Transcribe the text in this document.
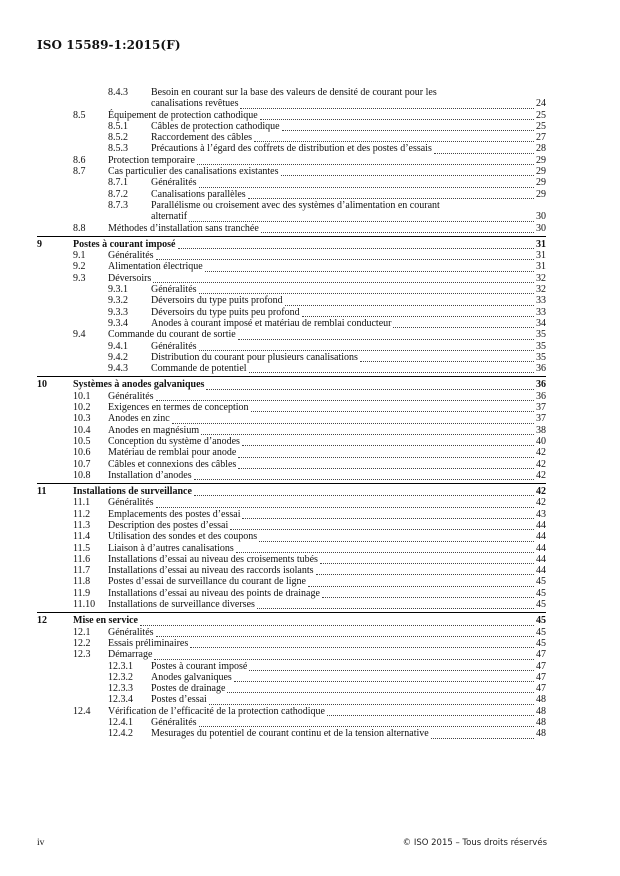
ISO 15589-1:2015(F)
8.4.3 Besoin en courant sur la base des valeurs de densité de courant pour les
canalisations revêtues	24
8.5 Équipement de protection cathodique	25
8.5.1 Câbles de protection cathodique	25
8.5.2 Raccordement des câbles	27
8.5.3 Précautions à l’égard des coffrets de distribution et des postes d’essais	28
8.6 Protection temporaire	29
8.7 Cas particulier des canalisations existantes	29
8.7.1 Généralités	29
8.7.2 Canalisations parallèles	29
8.7.3 Parallélisme ou croisement avec des systèmes d’alimentation en courant
alternatif	30
8.8 Méthodes d’installation sans tranchée	30
9	Postes à courant imposé	31
9.1 Généralités	31
9.2 Alimentation électrique	31
9.3 Déversoirs	32
9.3.1 Généralités	32
9.3.2 Déversoirs du type puits profond	33
9.3.3 Déversoirs du type puits peu profond	33
9.3.4 Anodes à courant imposé et matériau de remblai conducteur	34
9.4 Commande du courant de sortie	35
9.4.1 Généralités	35
9.4.2 Distribution du courant pour plusieurs canalisations	35
9.4.3 Commande de potentiel	36
10	Systèmes à anodes galvaniques	36
10.1 Généralités	36
10.2 Exigences en termes de conception	37
10.3 Anodes en zinc	37
10.4 Anodes en magnésium	38
10.5 Conception du système d’anodes	40
10.6 Matériau de remblai pour anode	42
10.7 Câbles et connexions des câbles	42
10.8 Installation d’anodes	42
11	Installations de surveillance	42
11.1 Généralités	42
11.2 Emplacements des postes d’essai	43
11.3 Description des postes d’essai	44
11.4 Utilisation des sondes et des coupons	44
11.5 Liaison à d’autres canalisations	44
11.6 Installations d’essai au niveau des croisements tubés	44
11.7 Installations d’essai au niveau des raccords isolants	44
11.8 Postes d’essai de surveillance du courant de ligne	45
11.9 Installations d’essai au niveau des points de drainage	45
11.10 Installations de surveillance diverses	45
12	Mise en service	45
12.1 Généralités	45
12.2 Essais préliminaires	45
12.3 Démarrage	47
12.3.1 Postes à courant imposé	47
12.3.2 Anodes galvaniques	47
12.3.3 Postes de drainage	47
12.3.4 Postes d’essai	48
12.4 Vérification de l’efficacité de la protection cathodique	48
12.4.1 Généralités	48
12.4.2 Mesurages du potentiel de courant continu et de la tension alternative	48
iv	© ISO 2015 – Tous droits réservés
